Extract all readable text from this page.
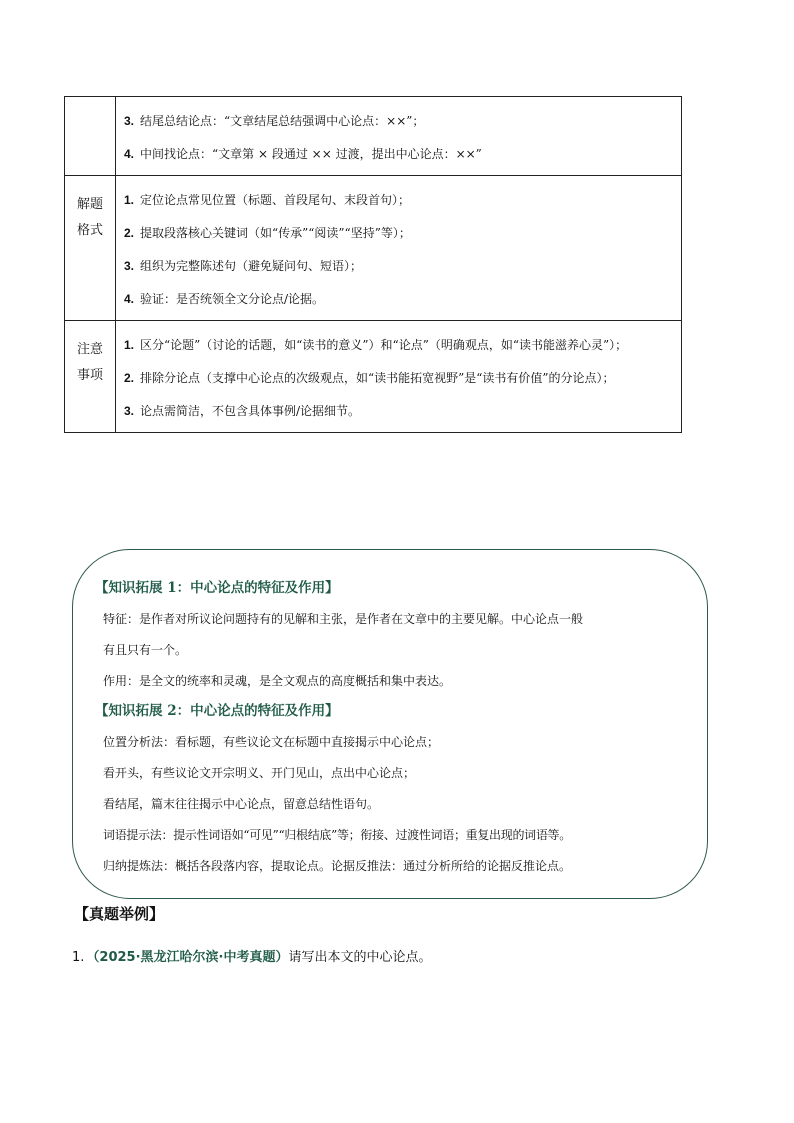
	3. 结尾总结论点：“文章结尾总结强调中心论点：××”；

4. 中间找论点：“文章第 × 段通过 ×× 过渡，提出中心论点：××”

解题格式	1. 定位论点常见位置（标题、首段尾句、末段首句）；

2. 提取段落核心关键词（如“传承”“阅读”“坚持”等）；

3. 组织为完整陈述句（避免疑问句、短语）；

4. 验证：是否统领全文分论点/论据。

注意事项	1. 区分“论题”（讨论的话题，如“读书的意义”）和“论点”（明确观点，如“读书能滋养心灵”）；

2. 排除分论点（支撑中心论点的次级观点，如“读书能拓宽视野”是“读书有价值”的分论点）；

3. 论点需简洁，不包含具体事例/论据细节。

【知识拓展 1：中心论点的特征及作用】

特征：是作者对所议论问题持有的见解和主张，是作者在文章中的主要见解。中心论点一般

有且只有一个。

作用：是全文的统率和灵魂，是全文观点的高度概括和集中表达。

【知识拓展 2：中心论点的特征及作用】

位置分析法：看标题，有些议论文在标题中直接揭示中心论点；

看开头，有些议论文开宗明义、开门见山，点出中心论点；

看结尾，篇末往往揭示中心论点，留意总结性语句。

词语提示法：提示性词语如“可见”“归根结底”等；衔接、过渡性词语；重复出现的词语等。

归纳提炼法：概括各段落内容，提取论点。论据反推法：通过分析所给的论据反推论点。

【真题举例】
1. （2025·黑龙江哈尔滨·中考真题）请写出本文的中心论点。
